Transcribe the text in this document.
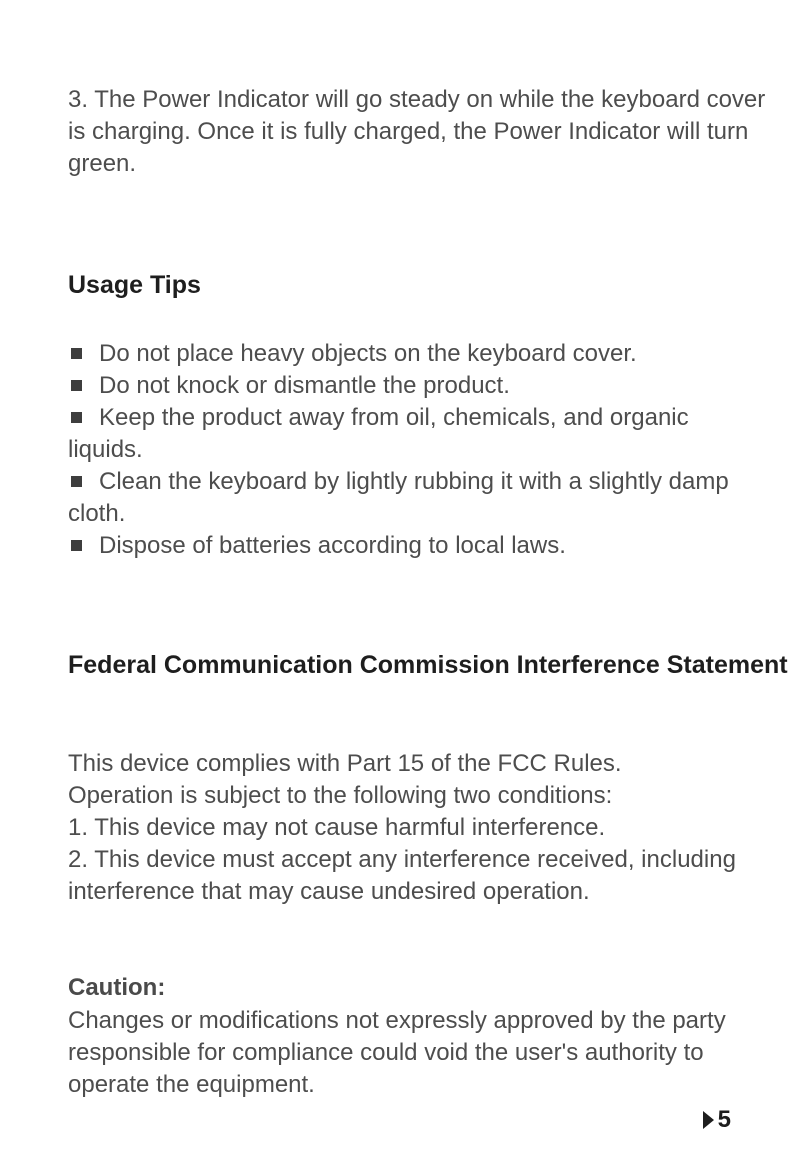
3. The Power Indicator will go steady on while the keyboard cover is charging. Once it is fully charged, the Power Indicator will turn green.

Usage Tips
Do not place heavy objects on the keyboard cover.
Do not knock or dismantle the product.
Keep the product away from oil, chemicals, and organic liquids.
Clean the keyboard by lightly rubbing it with a slightly damp cloth.
Dispose of batteries according to local laws.
Federal Communication Commission Interference Statement

This device complies with Part 15 of the FCC Rules.
Operation is subject to the following two conditions:
1. This device may not cause harmful interference.
2. This device must accept any interference received, including interference that may cause undesired operation.

Caution:

Changes or modifications not expressly approved by the party responsible for compliance could void the user's authority to operate the equipment.

5
